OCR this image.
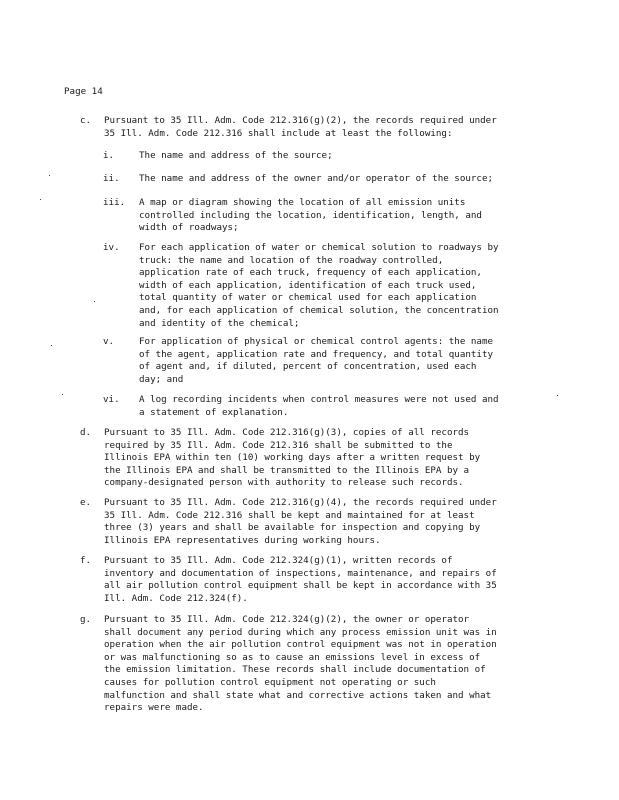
Page 14
c.	Pursuant to 35 Ill. Adm. Code 212.316(g)(2), the records required under
35 Ill. Adm. Code 212.316 shall include at least the following:
i.	The name and address of the source;
ii.	The name and address of the owner and/or operator of the source;
iii.	A map or diagram showing the location of all emission units
controlled including the location, identification, length, and
width of roadways;
iv.	For each application of water or chemical solution to roadways by
truck: the name and location of the roadway controlled,
application rate of each truck, frequency of each application,
width of each application, identification of each truck used,
total quantity of water or chemical used for each application
and, for each application of chemical solution, the concentration
and identity of the chemical;
v.	For application of physical or chemical control agents: the name
of the agent, application rate and frequency, and total quantity
of agent and, if diluted, percent of concentration, used each
day; and
vi.	A log recording incidents when control measures were not used and
a statement of explanation.
d.	Pursuant to 35 Ill. Adm. Code 212.316(g)(3), copies of all records
required by 35 Ill. Adm. Code 212.316 shall be submitted to the
Illinois EPA within ten (10) working days after a written request by
the Illinois EPA and shall be transmitted to the Illinois EPA by a
company-designated person with authority to release such records.
e.	Pursuant to 35 Ill. Adm. Code 212.316(g)(4), the records required under
35 Ill. Adm. Code 212.316 shall be kept and maintained for at least
three (3) years and shall be available for inspection and copying by
Illinois EPA representatives during working hours.
f.	Pursuant to 35 Ill. Adm. Code 212.324(g)(1), written records of
inventory and documentation of inspections, maintenance, and repairs of
all air pollution control equipment shall be kept in accordance with 35
Ill. Adm. Code 212.324(f).
g.	Pursuant to 35 Ill. Adm. Code 212.324(g)(2), the owner or operator
shall document any period during which any process emission unit was in
operation when the air pollution control equipment was not in operation
or was malfunctioning so as to cause an emissions level in excess of
the emission limitation. These records shall include documentation of
causes for pollution control equipment not operating or such
malfunction and shall state what and corrective actions taken and what
repairs were made.
